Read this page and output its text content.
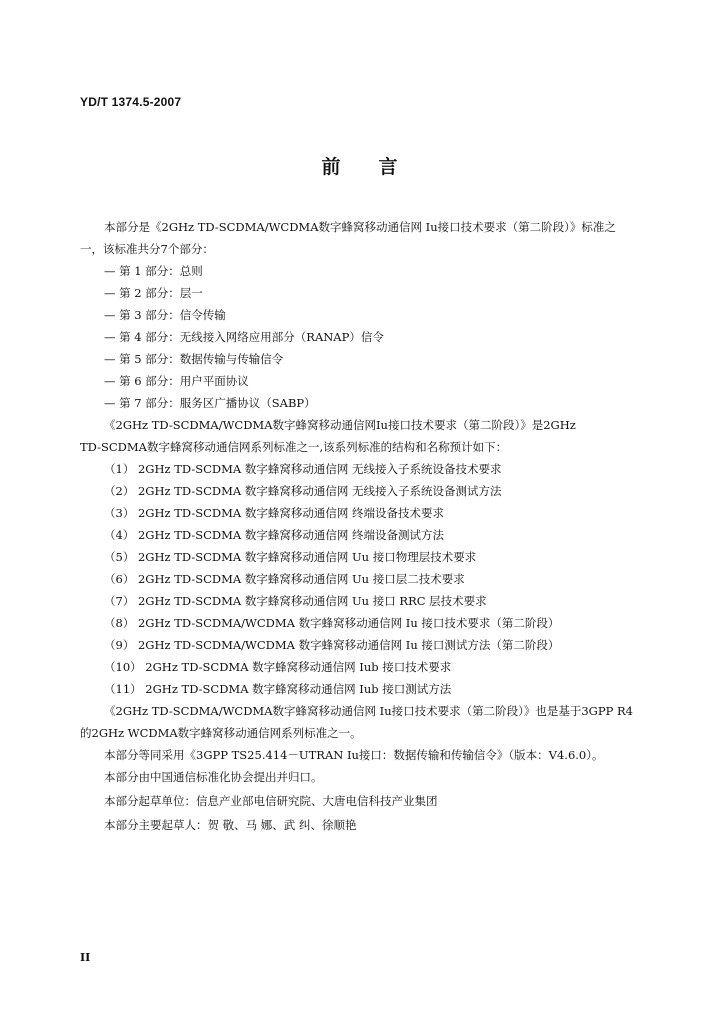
YD/T 1374.5-2007
前言
本部分是《2GHz TD-SCDMA/WCDMA数字蜂窝移动通信网 Iu接口技术要求（第二阶段）》标准之
一，该标准共分7个部分：
— 第 1 部分：总则
— 第 2 部分：层一
— 第 3 部分：信令传输
— 第 4 部分：无线接入网络应用部分（RANAP）信令
— 第 5 部分：数据传输与传输信令
— 第 6 部分：用户平面协议
— 第 7 部分：服务区广播协议（SABP）
《2GHz TD-SCDMA/WCDMA数字蜂窝移动通信网Iu接口技术要求（第二阶段）》是2GHz
TD-SCDMA数字蜂窝移动通信网系列标准之一,该系列标准的结构和名称预计如下：
（1） 2GHz TD-SCDMA 数字蜂窝移动通信网 无线接入子系统设备技术要求
（2） 2GHz TD-SCDMA 数字蜂窝移动通信网 无线接入子系统设备测试方法
（3） 2GHz TD-SCDMA 数字蜂窝移动通信网 终端设备技术要求
（4） 2GHz TD-SCDMA 数字蜂窝移动通信网 终端设备测试方法
（5） 2GHz TD-SCDMA 数字蜂窝移动通信网 Uu 接口物理层技术要求
（6） 2GHz TD-SCDMA 数字蜂窝移动通信网 Uu 接口层二技术要求
（7） 2GHz TD-SCDMA 数字蜂窝移动通信网 Uu 接口 RRC 层技术要求
（8） 2GHz TD-SCDMA/WCDMA 数字蜂窝移动通信网 Iu 接口技术要求（第二阶段）
（9） 2GHz TD-SCDMA/WCDMA 数字蜂窝移动通信网 Iu 接口测试方法（第二阶段）
（10） 2GHz TD-SCDMA 数字蜂窝移动通信网 Iub 接口技术要求
（11） 2GHz TD-SCDMA 数字蜂窝移动通信网 Iub 接口测试方法
《2GHz TD-SCDMA/WCDMA数字蜂窝移动通信网 Iu接口技术要求（第二阶段）》也是基于3GPP R4
的2GHz WCDMA数字蜂窝移动通信网系列标准之一。
本部分等同采用《3GPP TS25.414－UTRAN Iu接口：数据传输和传输信令》（版本：V4.6.0）。
本部分由中国通信标准化协会提出并归口。
本部分起草单位：信息产业部电信研究院、大唐电信科技产业集团
本部分主要起草人：贺 敬、马 娜、武 纠、徐顺艳
II
